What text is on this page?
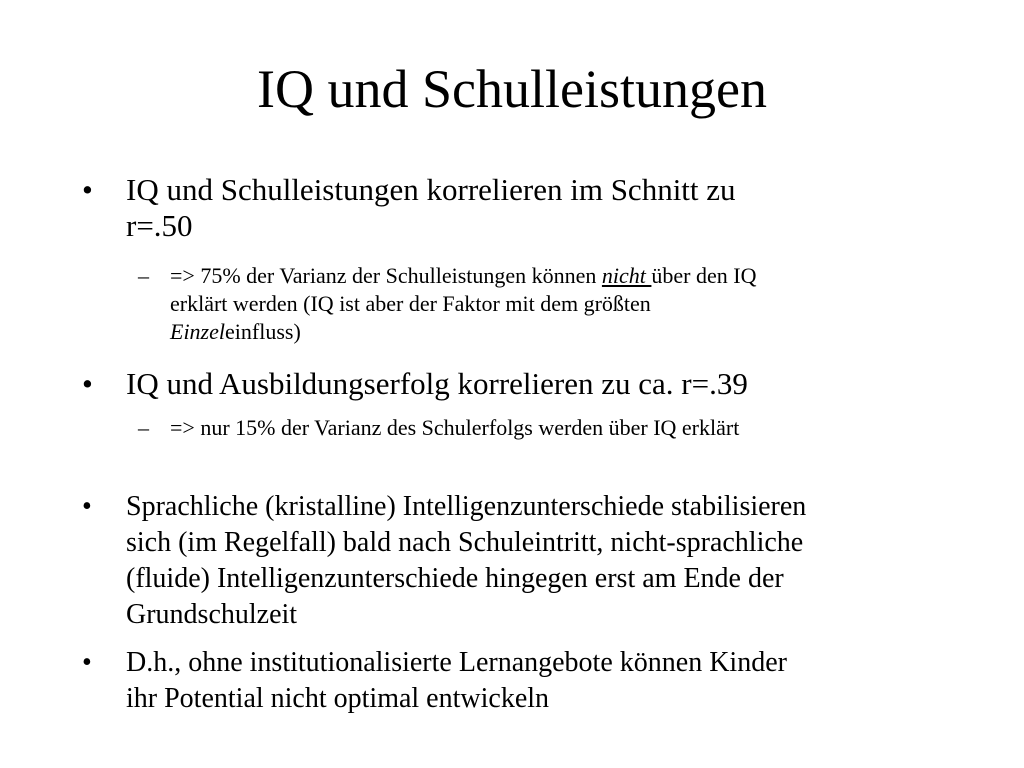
IQ und Schulleistungen
•	IQ und Schulleistungen korrelieren im Schnitt zu
r=.50
– => 75% der Varianz der Schulleistungen können nicht über den IQ
erklärt werden (IQ ist aber der Faktor mit dem größten
Einzeleinfluss)
•	IQ und Ausbildungserfolg korrelieren zu ca. r=.39
– => nur 15% der Varianz des Schulerfolgs werden über IQ erklärt
•	Sprachliche (kristalline) Intelligenzunterschiede stabilisieren
sich (im Regelfall) bald nach Schuleintritt, nicht-sprachliche
(fluide) Intelligenzunterschiede hingegen erst am Ende der
Grundschulzeit
•	D.h., ohne institutionalisierte Lernangebote können Kinder
ihr Potential nicht optimal entwickeln
